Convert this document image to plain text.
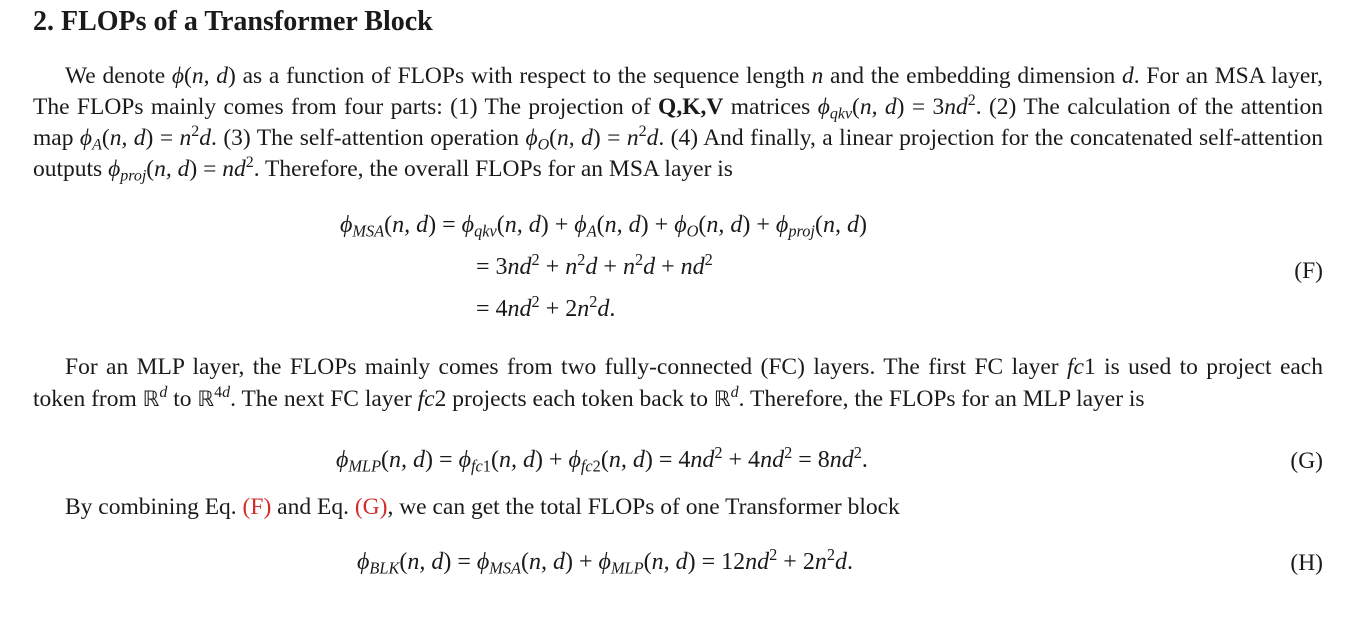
2. FLOPs of a Transformer Block

We denote ϕ(n, d) as a function of FLOPs with respect to the sequence length n and the embedding dimension d. For an MSA layer, The FLOPs mainly comes from four parts: (1) The projection of Q,K,V matrices $\phi_{qkv}(n$, $d) = 3nd^2$. (2) The calculation of the attention map $\phi_A(n$, $d) = n^2d$. (3) The self-attention operation $\phi_O(n$, $d) = n^2d$. (4) And finally, a linear projection for the concatenated self-attention outputs $\phi_{proj}(n$, $d) = nd^2$. Therefore, the overall FLOPs for an MSA layer is

$\phi_{MSA}(n$, $d) = \phi_{qkv}(n$, $d) + \phi_A(n$, $d) + \phi_O(n$, $d) + \phi_{proj}(n$, d)
= $3nd^2 + n^2d + n^2d + nd^2$
= $4nd^2 + 2n^2d$.
(F)

For an MLP layer, the FLOPs mainly comes from two fully-connected (FC) layers. The first FC layer fc1 is used to project each token from ℝ$^d$ to ℝ$^{4d}$. The next FC layer fc2 projects each token back to ℝ$^d$. Therefore, the FLOPs for an MLP layer is

$\phi_{MLP}(n$, $d) = \phi_{fc1}(n$, $d) + \phi_{fc2}(n$, $d) = 4nd^2 + 4nd^2 = 8nd^2$.	(G)

By combining Eq. (F) and Eq. (G), we can get the total FLOPs of one Transformer block

$\phi_{BLK}(n$, $d) = \phi_{MSA}(n$, $d) + \phi_{MLP}(n$, $d) = 12nd^2 + 2n^2d$.	(H)
